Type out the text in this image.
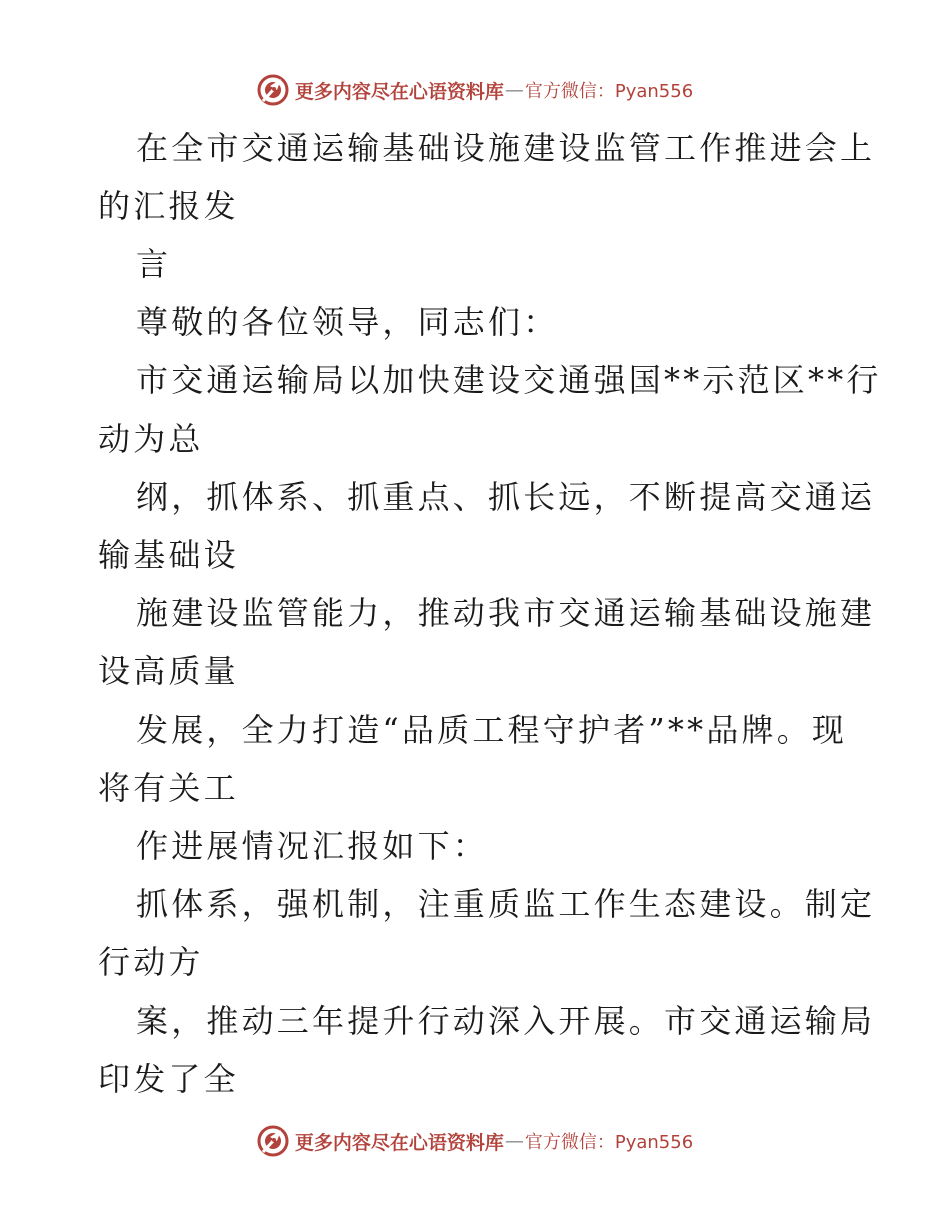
更多内容尽在心语资料库 — 官方微信：Pyan556
在全市交通运输基础设施建设监管工作推进会上
的汇报发
言
尊敬的各位领导，同志们：
市交通运输局以加快建设交通强国**示范区**行
动为总
纲，抓体系、抓重点、抓长远，不断提高交通运
输基础设
施建设监管能力，推动我市交通运输基础设施建
设高质量
发展，全力打造“品质工程守护者”**品牌。现
将有关工
作进展情况汇报如下：
抓体系，强机制，注重质监工作生态建设。制定
行动方
案，推动三年提升行动深入开展。市交通运输局
印发了全
更多内容尽在心语资料库 — 官方微信：Pyan556
